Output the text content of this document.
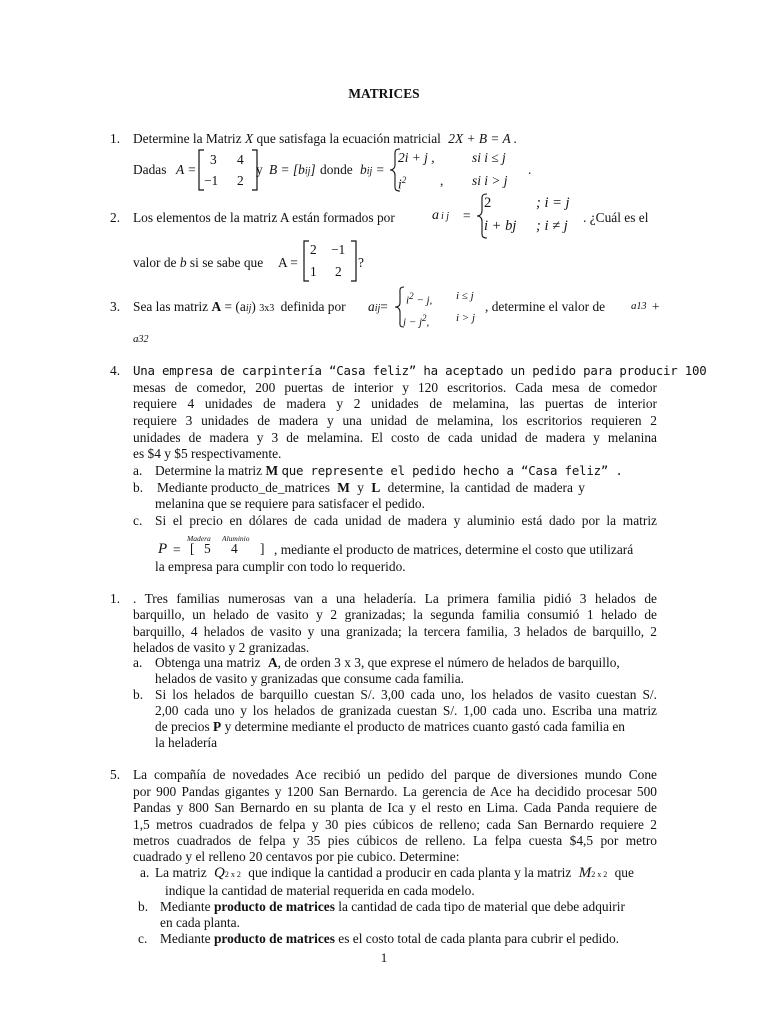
MATRICES
1. Determine la Matriz X que satisfaga la ecuación matricial 2X + B = A .
Dadas A =
3 4
−1 2
y B = [bij] donde bij =
2i + j ,	si i ≤ j
$i^2$	, si i > j
.
2. Los elementos de la matriz A están formados por	a i j =
2	; i = j
i + bj ; i ≠ j
. ¿Cuál es el
valor de b si se sabe que A =
2 −1
1 2
?
3. Sea las matriz A = (aij) 3x3 definida por $aij= i^2 - j$, i ≤ j
$i - j^2$, i > j
, determine el valor de a13 +
a32
4. Una empresa de carpintería “Casa feliz” ha aceptado un pedido para producir 100
mesas de comedor, 200 puertas de interior y 120 escritorios. Cada mesa de comedor
requiere 4 unidades de madera y 2 unidades de melamina, las puertas de interior
requiere 3 unidades de madera y una unidad de melamina, los escritorios requieren 2
unidades de madera y 3 de melamina. El costo de cada unidad de madera y melanina
es $4 y $5 respectivamente.
a. Determine la matriz M que represente el pedido hecho a “Casa feliz” .
b. Mediante producto_de_matrices M y L determine, la cantidad de madera y
melanina que se requiere para satisfacer el pedido.
c. Si el precio en dólares de cada unidad de madera y aluminio está dado por la matriz
Madera Aluminio
P = [ 5 4 ] , mediante el producto de matrices, determine el costo que utilizará
la empresa para cumplir con todo lo requerido.
1. . Tres familias numerosas van a una heladería. La primera familia pidió 3 helados de
barquillo, un helado de vasito y 2 granizadas; la segunda familia consumió 1 helado de
barquillo, 4 helados de vasito y una granizada; la tercera familia, 3 helados de barquillo, 2
helados de vasito y 2 granizadas.
a. Obtenga una matriz A, de orden 3 x 3, que exprese el número de helados de barquillo,
helados de vasito y granizadas que consume cada familia.
b. Si los helados de barquillo cuestan S/. 3,00 cada uno, los helados de vasito cuestan S/.
2,00 cada uno y los helados de granizada cuestan S/. 1,00 cada uno. Escriba una matriz
de precios P y determine mediante el producto de matrices cuanto gastó cada familia en
la heladería
5. La compañía de novedades Ace recibió un pedido del parque de diversiones mundo Cone
por 900 Pandas gigantes y 1200 San Bernardo. La gerencia de Ace ha decidido procesar 500
Pandas y 800 San Bernardo en su planta de Ica y el resto en Lima. Cada Panda requiere de
1,5 metros cuadrados de felpa y 30 pies cúbicos de relleno; cada San Bernardo requiere 2
metros cuadrados de felpa y 35 pies cúbicos de relleno. La felpa cuesta $4,5 por metro
cuadrado y el relleno 20 centavos por pie cubico. Determine:
a. La matriz Q2 x 2 que indique la cantidad a producir en cada planta y la matriz M2 x 2 que
indique la cantidad de material requerida en cada modelo.
b. Mediante producto de matrices la cantidad de cada tipo de material que debe adquirir
en cada planta.
c. Mediante producto de matrices es el costo total de cada planta para cubrir el pedido.
1
